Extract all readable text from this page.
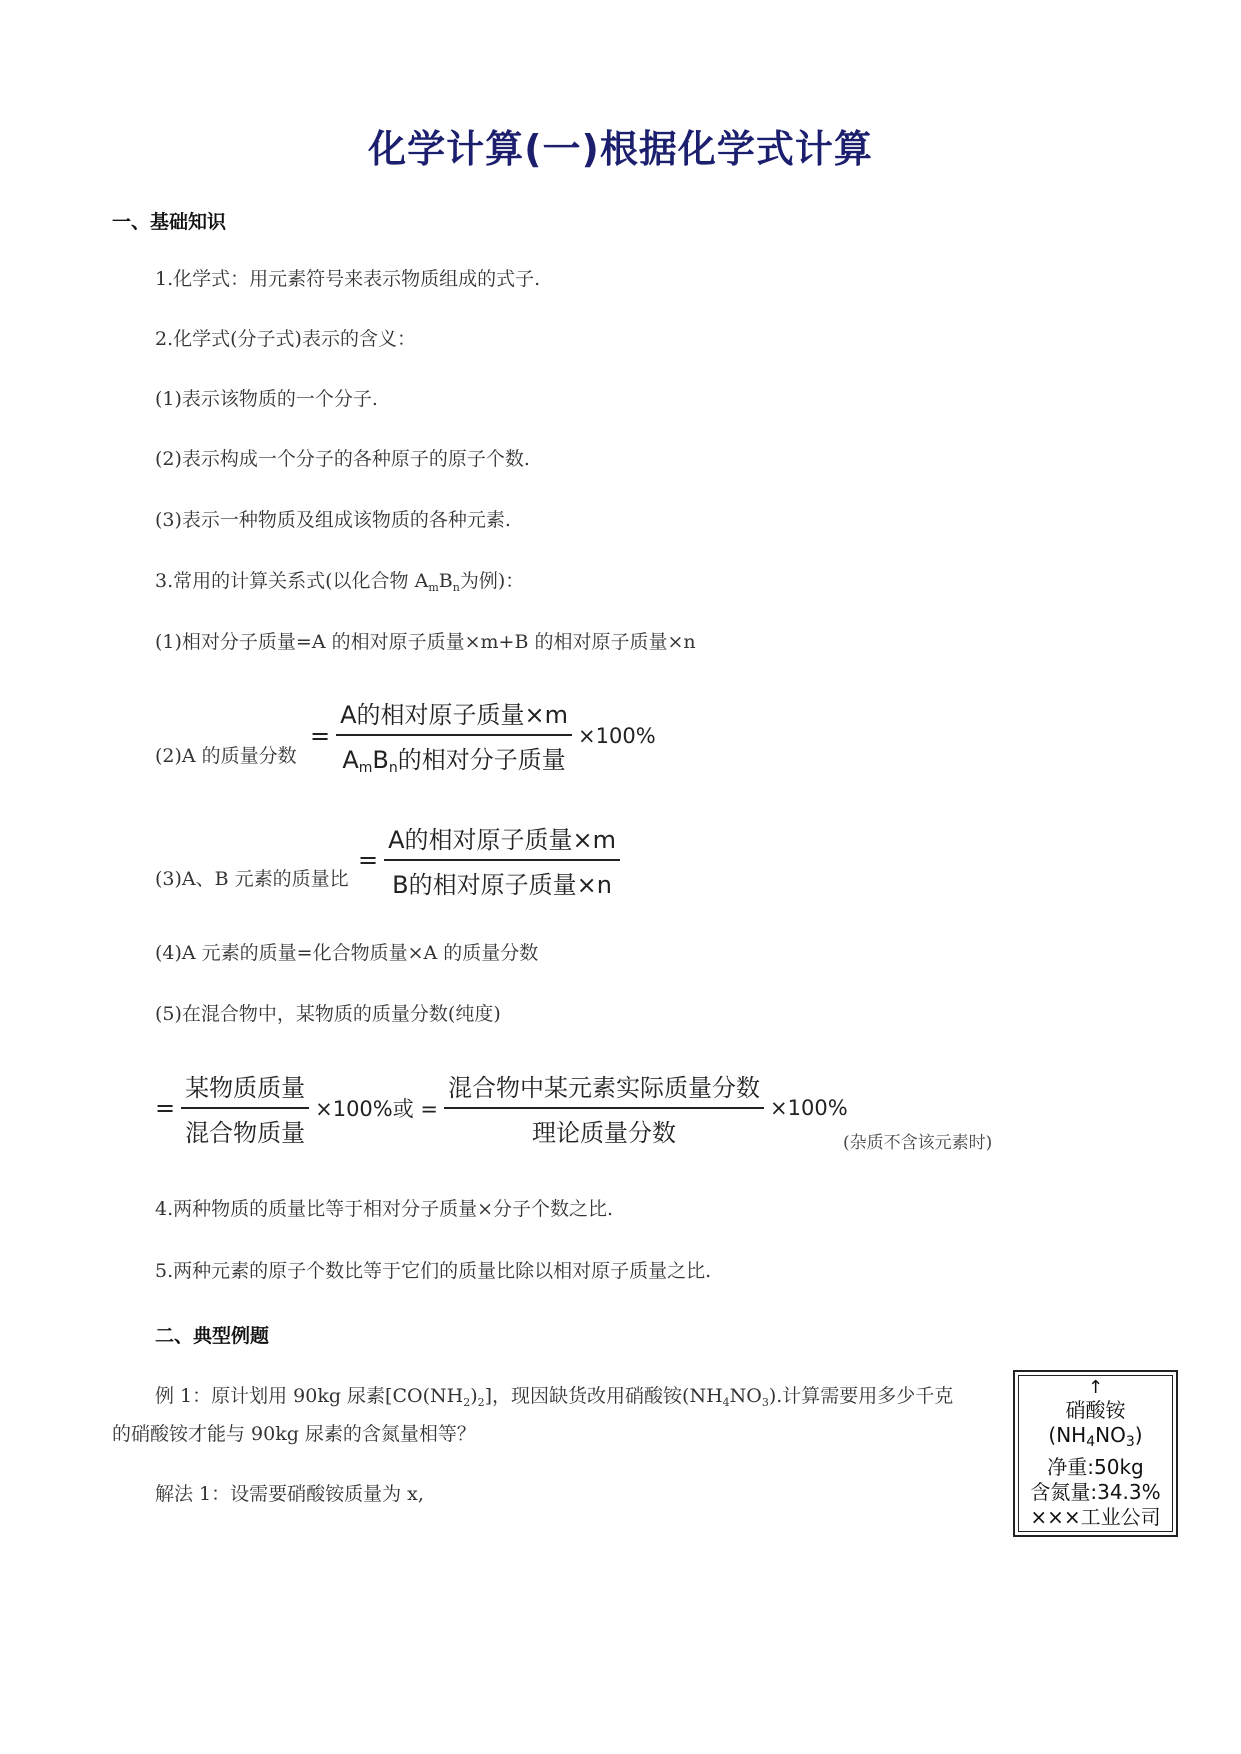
化学计算(一)根据化学式计算
一、基础知识
1.化学式：用元素符号来表示物质组成的式子.
2.化学式(分子式)表示的含义：
(1)表示该物质的一个分子.
(2)表示构成一个分子的各种原子的原子个数.
(3)表示一种物质及组成该物质的各种元素.
3.常用的计算关系式(以化合物 $A_mB_n$为例)：
(1)相对分子质量=A 的相对原子质量×m+B 的相对原子质量×n
(2)A 的质量分数
= $\frac{\text{A的相对原子质量×m}}{\text{AmBn的相对分子质量}} \times 100\%$
(3)A、B 元素的质量比
= $\frac{\text{A的相对原子质量×m}}{\text{B的相对原子质量×n}}$
(4)A 元素的质量=化合物质量×A 的质量分数
(5)在混合物中，某物质的质量分数(纯度)
= $\frac{\text{某物质质量}}{\text{混合物质量}} \times 100\%$或 = $\frac{\text{混合物中某元素实际质量分数}}{\text{理论质量分数}} \times 100\%$
(杂质不含该元素时)
4.两种物质的质量比等于相对分子质量×分子个数之比.
5.两种元素的原子个数比等于它们的质量比除以相对原子质量之比.
二、典型例题
例 1：原计划用 90kg 尿素$[CO(NH_2)_2]$，现因缺货改用硝酸铵$(NH_4NO_3)$.计算需要用多少千克
的硝酸铵才能与 90kg 尿素的含氮量相等？
解法 1：设需要硝酸铵质量为 x,
↑
硝酸铵
$(NH_4NO_3)$
净重:50kg
含氮量:34.3%
×××工业公司
